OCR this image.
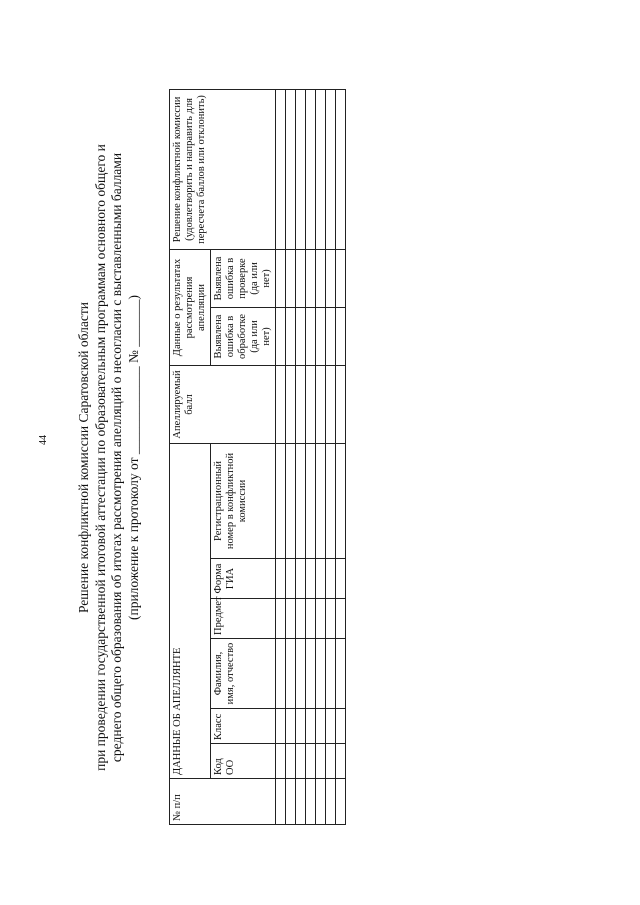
44 Решение конфликтной комиссии Саратовской области при проведении государственной итоговой аттестации по образовательным программам основного общего и среднего общего образования об итогах рассмотрения апелляций о несогласии с выставленными баллами (приложение к протоколу от _____________ № _______)
№ п/п	ДАННЫЕ ОБ АПЕЛЛЯНТЕ						Апеллируемый балл	Данные о результатах рассмотрения апелляции		Решение конфликтной комиссии (удовлетворить и направить для пересчета баллов или отклонить)
	Код ОО	Класс	Фамилия, имя, отчество	Предмет	Форма ГИА	Регистрационный номер в конфликтной комиссии		Выявлена ошибка в обработке (да или нет)	Выявлена ошибка в проверке (да или нет)	
